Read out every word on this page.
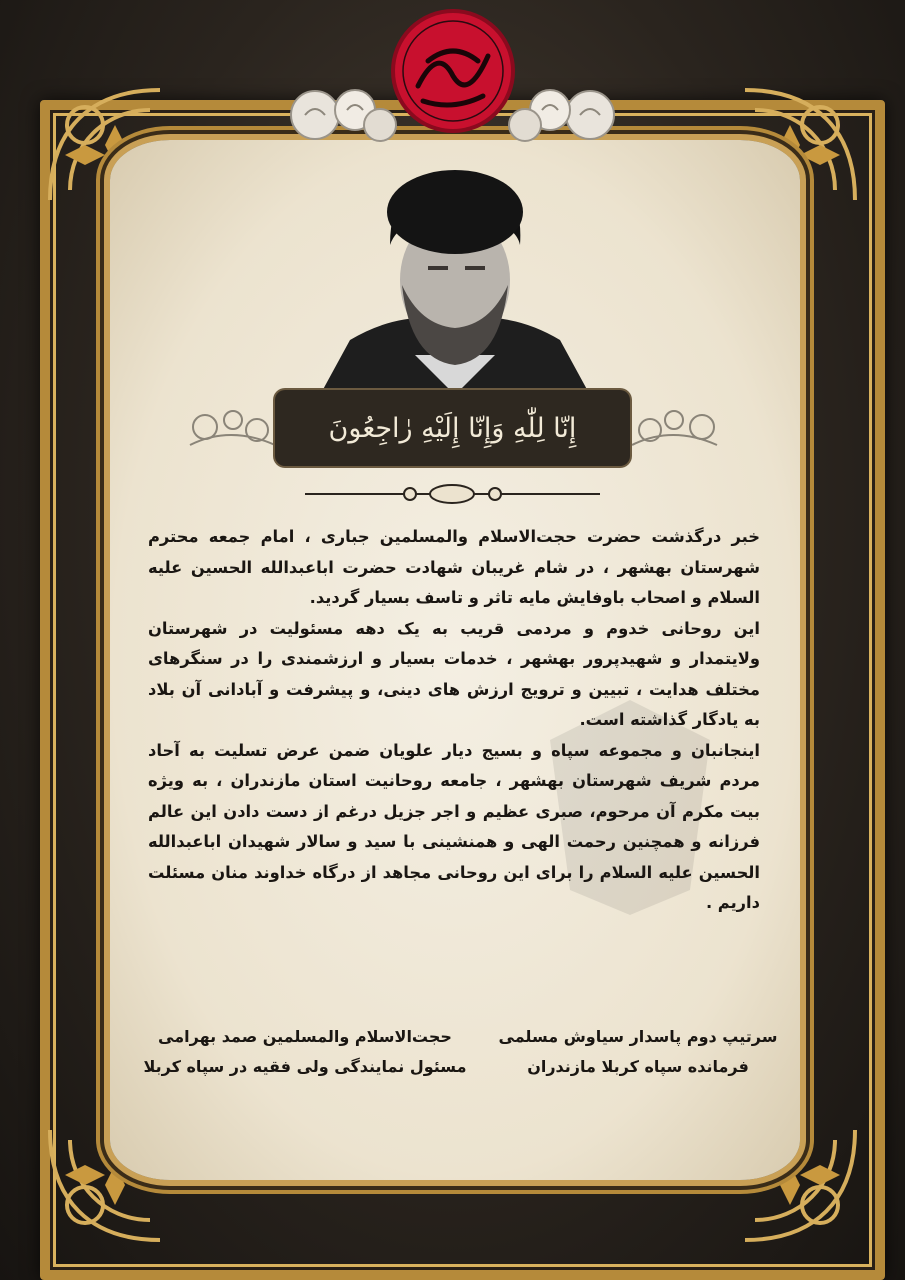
إِنّا لِلّٰهِ وَإِنّا إِلَیْهِ رٰاجِعُونَ

خبر درگذشت حضرت حجت‌الاسلام والمسلمین جباری ، امام جمعه محترم شهرستان بهشهر ، در شام غریبان شهادت حضرت اباعبدالله الحسین علیه السلام و اصحاب باوفایش مایه تاثر و تاسف بسیار گردید.

این روحانی خدوم و مردمی قریب به یک دهه مسئولیت در شهرستان ولایتمدار و شهیدپرور بهشهر ، خدمات بسیار و ارزشمندی را در سنگرهای مختلف هدایت ، تبیین و ترویج ارزش های دینی، و پیشرفت و آبادانی آن بلاد به یادگار گذاشته است.

اینجانبان و مجموعه سپاه و بسیج دیار علویان ضمن عرض تسلیت به آحاد مردم شریف شهرستان بهشهر ، جامعه روحانیت استان مازندران ، به ویژه بیت مکرم آن مرحوم، صبری عظیم و اجر جزیل درغم از دست دادن این عالم فرزانه و همچنین رحمت الهی و همنشینی با سید و سالار شهیدان اباعبدالله الحسین علیه السلام را برای این روحانی مجاهد از درگاه خداوند منان مسئلت داریم .

سرتیپ دوم پاسدار سیاوش مسلمی
فرمانده سپاه کربلا مازندران
حجت‌الاسلام والمسلمین صمد بهرامی
مسئول نمایندگی ولی فقیه در سپاه کربلا
